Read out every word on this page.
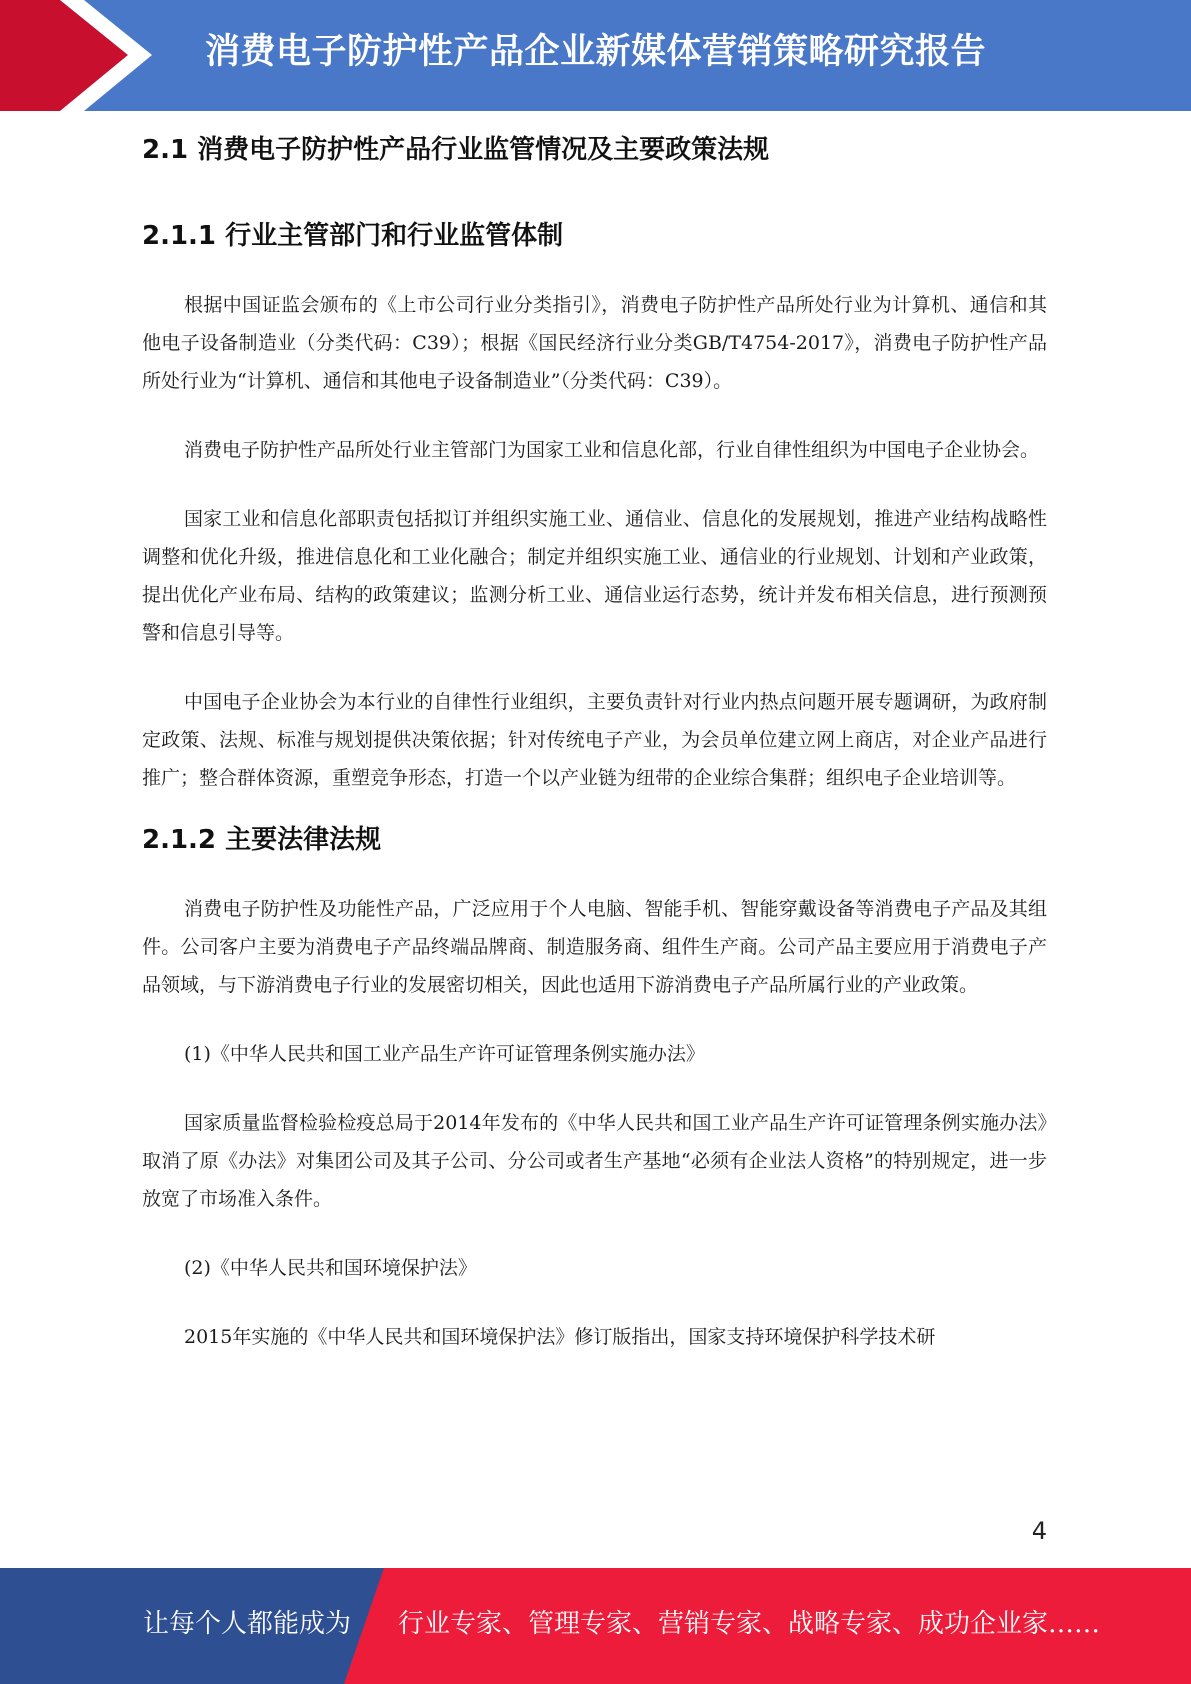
消费电子防护性产品企业新媒体营销策略研究报告
2.1 消费电子防护性产品行业监管情况及主要政策法规
2.1.1 行业主管部门和行业监管体制

根据中国证监会颁布的《上市公司行业分类指引》，消费电子防护性产品所处行业为计算机、通信和其他电子设备制造业（分类代码：C39）；根据《国民经济行业分类GB/T4754-2017》，消费电子防护性产品所处行业为“计算机、通信和其他电子设备制造业”（分类代码：C39）。

消费电子防护性产品所处行业主管部门为国家工业和信息化部，行业自律性组织为中国电子企业协会。

国家工业和信息化部职责包括拟订并组织实施工业、通信业、信息化的发展规划，推进产业结构战略性调整和优化升级，推进信息化和工业化融合；制定并组织实施工业、通信业的行业规划、计划和产业政策，提出优化产业布局、结构的政策建议；监测分析工业、通信业运行态势，统计并发布相关信息，进行预测预警和信息引导等。

中国电子企业协会为本行业的自律性行业组织，主要负责针对行业内热点问题开展专题调研，为政府制定政策、法规、标准与规划提供决策依据；针对传统电子产业，为会员单位建立网上商店，对企业产品进行推广；整合群体资源，重塑竞争形态，打造一个以产业链为纽带的企业综合集群；组织电子企业培训等。

2.1.2 主要法律法规

消费电子防护性及功能性产品，广泛应用于个人电脑、智能手机、智能穿戴设备等消费电子产品及其组件。公司客户主要为消费电子产品终端品牌商、制造服务商、组件生产商。公司产品主要应用于消费电子产品领域，与下游消费电子行业的发展密切相关，因此也适用下游消费电子产品所属行业的产业政策。

(1)《中华人民共和国工业产品生产许可证管理条例实施办法》

国家质量监督检验检疫总局于2014年发布的《中华人民共和国工业产品生产许可证管理条例实施办法》取消了原《办法》对集团公司及其子公司、分公司或者生产基地“必须有企业法人资格”的特别规定，进一步放宽了市场准入条件。

(2)《中华人民共和国环境保护法》

2015年实施的《中华人民共和国环境保护法》修订版指出，国家支持环境保护科学技术研

4
让每个人都能成为 行业专家、管理专家、营销专家、战略专家、成功企业家……
